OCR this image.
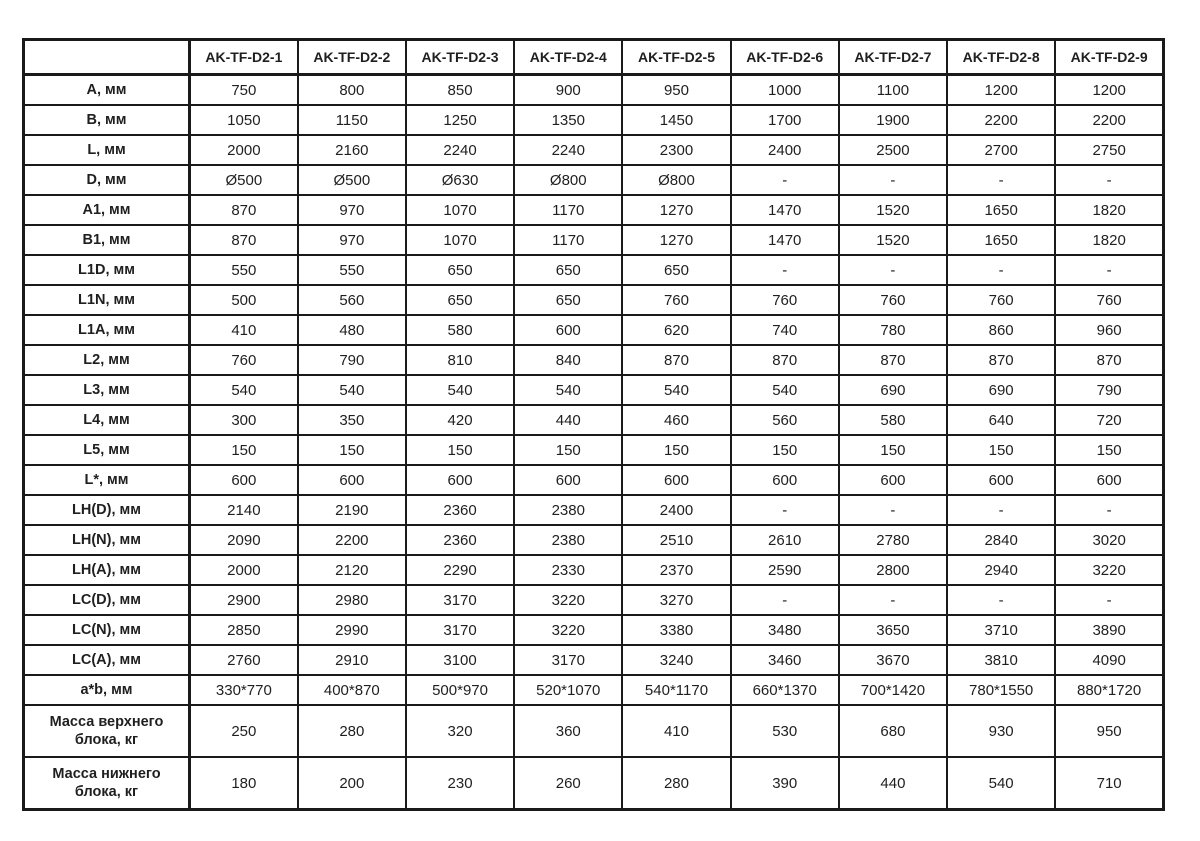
	AK-TF-D2-1	AK-TF-D2-2	AK-TF-D2-3	AK-TF-D2-4	AK-TF-D2-5	AK-TF-D2-6	AK-TF-D2-7	AK-TF-D2-8	AK-TF-D2-9
А, мм	750	800	850	900	950	1000	1100	1200	1200
В, мм	1050	1150	1250	1350	1450	1700	1900	2200	2200
L, мм	2000	2160	2240	2240	2300	2400	2500	2700	2750
D, мм	Ø500	Ø500	Ø630	Ø800	Ø800	-	-	-	-
A1, мм	870	970	1070	1170	1270	1470	1520	1650	1820
B1, мм	870	970	1070	1170	1270	1470	1520	1650	1820
L1D, мм	550	550	650	650	650	-	-	-	-
L1N, мм	500	560	650	650	760	760	760	760	760
L1A, мм	410	480	580	600	620	740	780	860	960
L2, мм	760	790	810	840	870	870	870	870	870
L3, мм	540	540	540	540	540	540	690	690	790
L4, мм	300	350	420	440	460	560	580	640	720
L5, мм	150	150	150	150	150	150	150	150	150
L*, мм	600	600	600	600	600	600	600	600	600
LH(D), мм	2140	2190	2360	2380	2400	-	-	-	-
LH(N), мм	2090	2200	2360	2380	2510	2610	2780	2840	3020
LH(A), мм	2000	2120	2290	2330	2370	2590	2800	2940	3220
LC(D), мм	2900	2980	3170	3220	3270	-	-	-	-
LC(N), мм	2850	2990	3170	3220	3380	3480	3650	3710	3890
LC(A), мм	2760	2910	3100	3170	3240	3460	3670	3810	4090
a*b, мм	330*770	400*870	500*970	520*1070	540*1170	660*1370	700*1420	780*1550	880*1720
Масса верхнего блока, кг	250	280	320	360	410	530	680	930	950
Масса нижнего блока, кг	180	200	230	260	280	390	440	540	710
